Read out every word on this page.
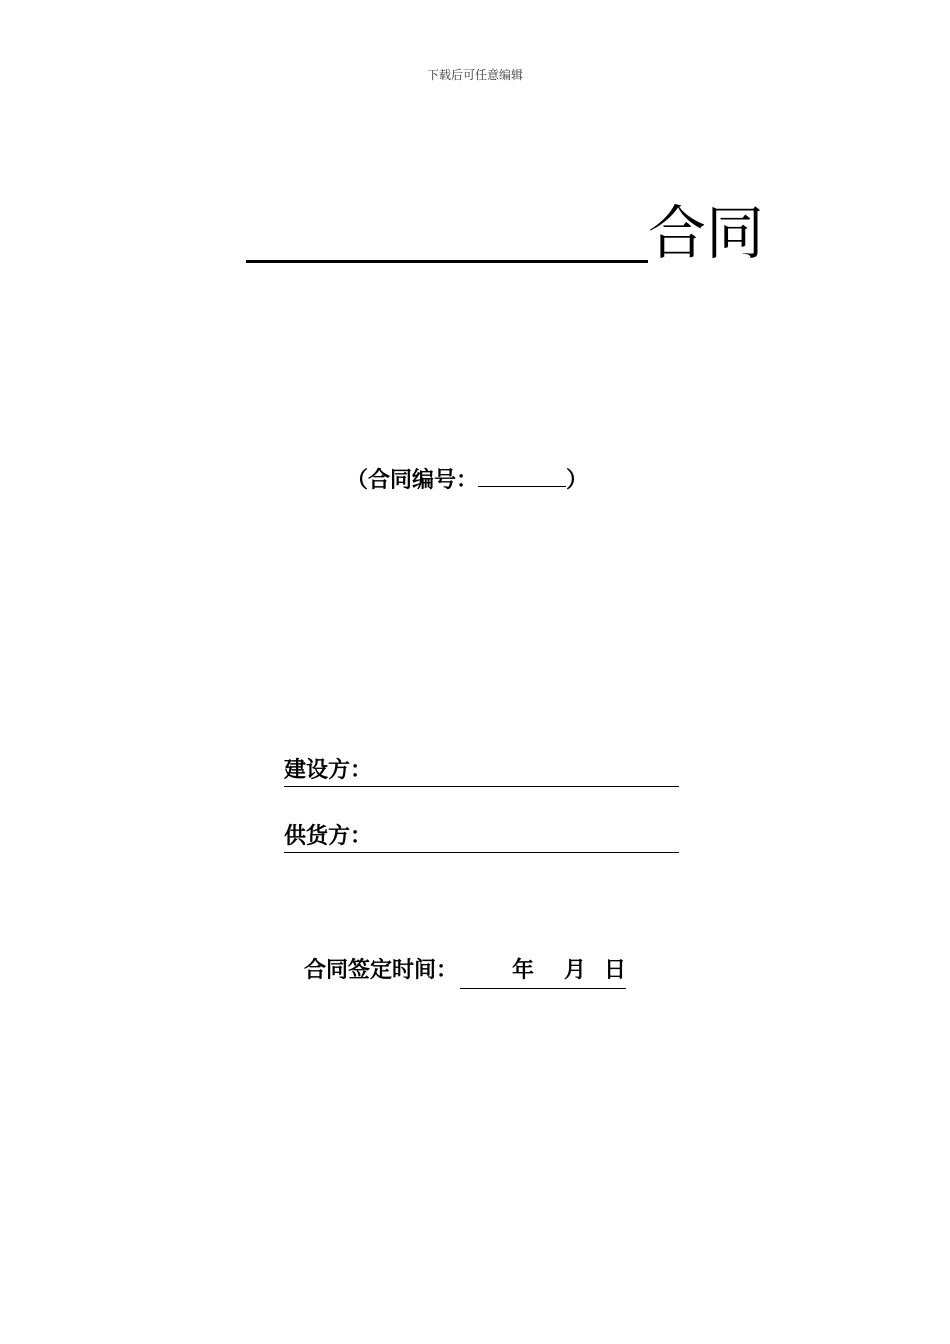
下载后可任意编辑
合同
（合同编号：	）
建设方：
供货方：
合同签定时间： 年 月 日
